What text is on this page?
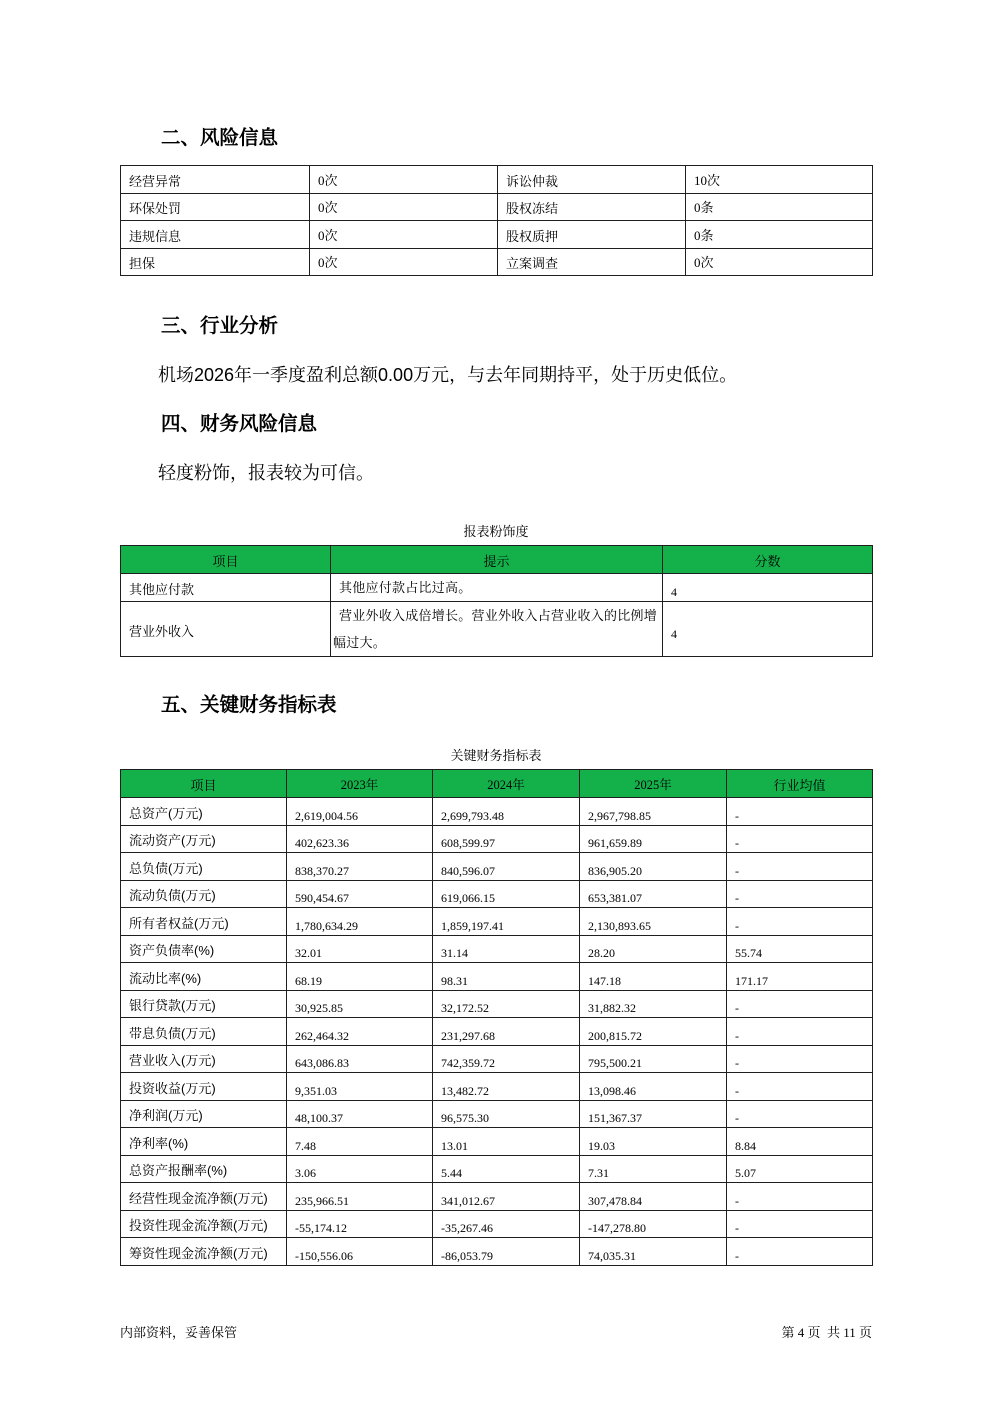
二、风险信息
经营异常	0次	诉讼仲裁	10次
环保处罚	0次	股权冻结	0条
违规信息	0次	股权质押	0条
担保	0次	立案调查	0次
三、行业分析

机场2026年一季度盈利总额0.00万元，与去年同期持平，处于历史低位。

四、财务风险信息

轻度粉饰，报表较为可信。

报表粉饰度
项目	提示	分数
其他应付款	其他应付款占比过高。	4
营业外收入	营业外收入成倍增长。营业外收入占营业收入的比例增幅过大。	4
五、关键财务指标表
关键财务指标表
项目	2023年	2024年	2025年	行业均值
总资产(万元)	2,619,004.56	2,699,793.48	2,967,798.85	-
流动资产(万元)	402,623.36	608,599.97	961,659.89	-
总负债(万元)	838,370.27	840,596.07	836,905.20	-
流动负债(万元)	590,454.67	619,066.15	653,381.07	-
所有者权益(万元)	1,780,634.29	1,859,197.41	2,130,893.65	-
资产负债率(%)	32.01	31.14	28.20	55.74
流动比率(%)	68.19	98.31	147.18	171.17
银行贷款(万元)	30,925.85	32,172.52	31,882.32	-
带息负债(万元)	262,464.32	231,297.68	200,815.72	-
营业收入(万元)	643,086.83	742,359.72	795,500.21	-
投资收益(万元)	9,351.03	13,482.72	13,098.46	-
净利润(万元)	48,100.37	96,575.30	151,367.37	-
净利率(%)	7.48	13.01	19.03	8.84
总资产报酬率(%)	3.06	5.44	7.31	5.07
经营性现金流净额(万元)	235,966.51	341,012.67	307,478.84	-
投资性现金流净额(万元)	-55,174.12	-35,267.46	-147,278.80	-
筹资性现金流净额(万元)	-150,556.06	-86,053.79	74,035.31	-
内部资料，妥善保管	第 4 页  共 11 页
